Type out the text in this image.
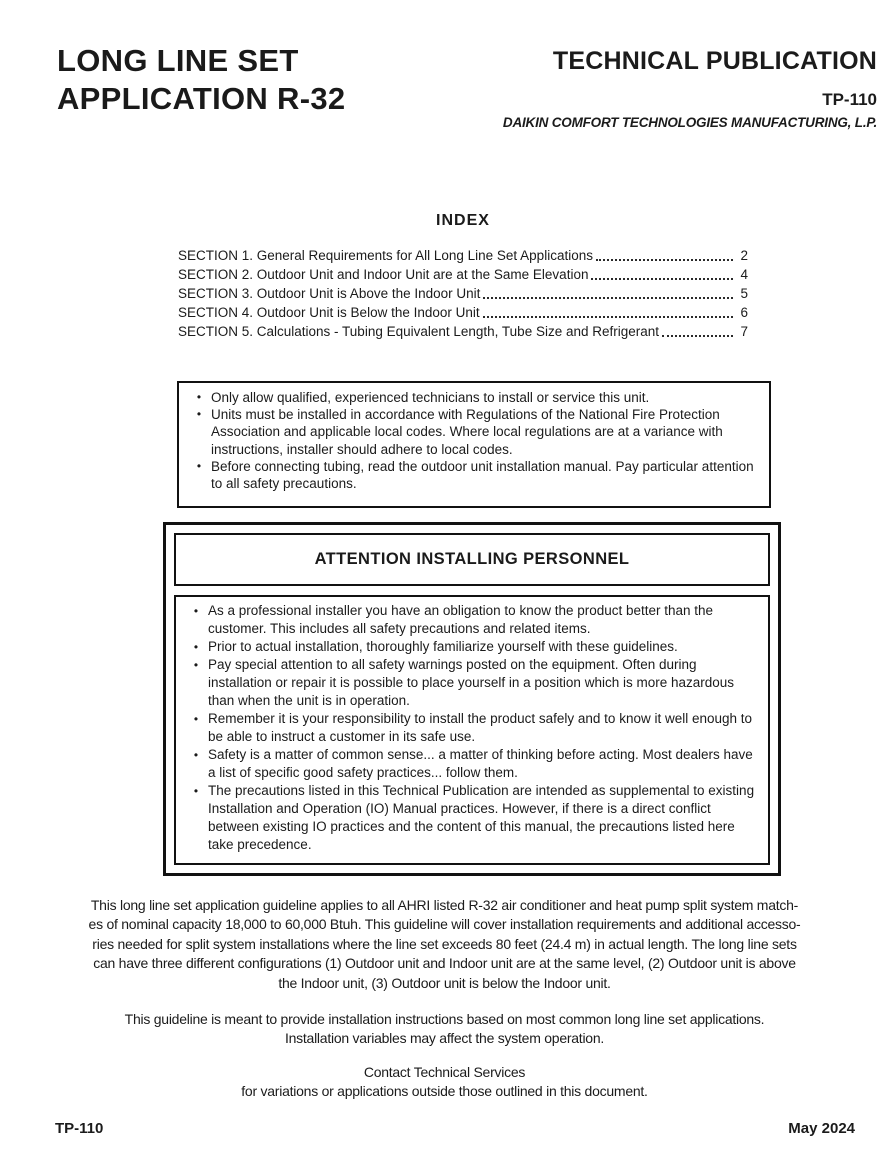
LONG LINE SET
APPLICATION R-32
TECHNICAL PUBLICATION
TP-110
DAIKIN COMFORT TECHNOLOGIES MANUFACTURING, L.P.
INDEX
SECTION 1. General Requirements for All Long Line Set Applications	2
SECTION 2. Outdoor Unit and Indoor Unit are at the Same Elevation	4
SECTION 3. Outdoor Unit is Above the Indoor Unit	5
SECTION 4. Outdoor Unit is Below the Indoor Unit	6
SECTION 5. Calculations - Tubing Equivalent Length, Tube Size and Refrigerant	7
• Only allow qualified, experienced technicians to install or service this unit.
• Units must be installed in accordance with Regulations of the National Fire Protection Association and applicable local codes. Where local regulations are at a variance with instructions, installer should adhere to local codes.
• Before connecting tubing, read the outdoor unit installation manual. Pay particular attention to all safety precautions.
ATTENTION INSTALLING PERSONNEL
• As a professional installer you have an obligation to know the product better than the customer. This includes all safety precautions and related items.
• Prior to actual installation, thoroughly familiarize yourself with these guidelines.
• Pay special attention to all safety warnings posted on the equipment. Often during installation or repair it is possible to place yourself in a position which is more hazardous than when the unit is in operation.
• Remember it is your responsibility to install the product safely and to know it well enough to be able to instruct a customer in its safe use.
• Safety is a matter of common sense... a matter of thinking before acting. Most dealers have a list of specific good safety practices... follow them.
• The precautions listed in this Technical Publication are intended as supplemental to existing Installation and Operation (IO) Manual practices. However, if there is a direct conflict between existing IO practices and the content of this manual, the precautions listed here take precedence.
This long line set application guideline applies to all AHRI listed R-32 air conditioner and heat pump split system match-
es of nominal capacity 18,000 to 60,000 Btuh. This guideline will cover installation requirements and additional accesso-
ries needed for split system installations where the line set exceeds 80 feet (24.4 m) in actual length. The long line sets
can have three different configurations (1) Outdoor unit and Indoor unit are at the same level, (2) Outdoor unit is above
the Indoor unit, (3) Outdoor unit is below the Indoor unit.
This guideline is meant to provide installation instructions based on most common long line set applications.
Installation variables may affect the system operation.
Contact Technical Services
for variations or applications outside those outlined in this document.
TP-110	May 2024
